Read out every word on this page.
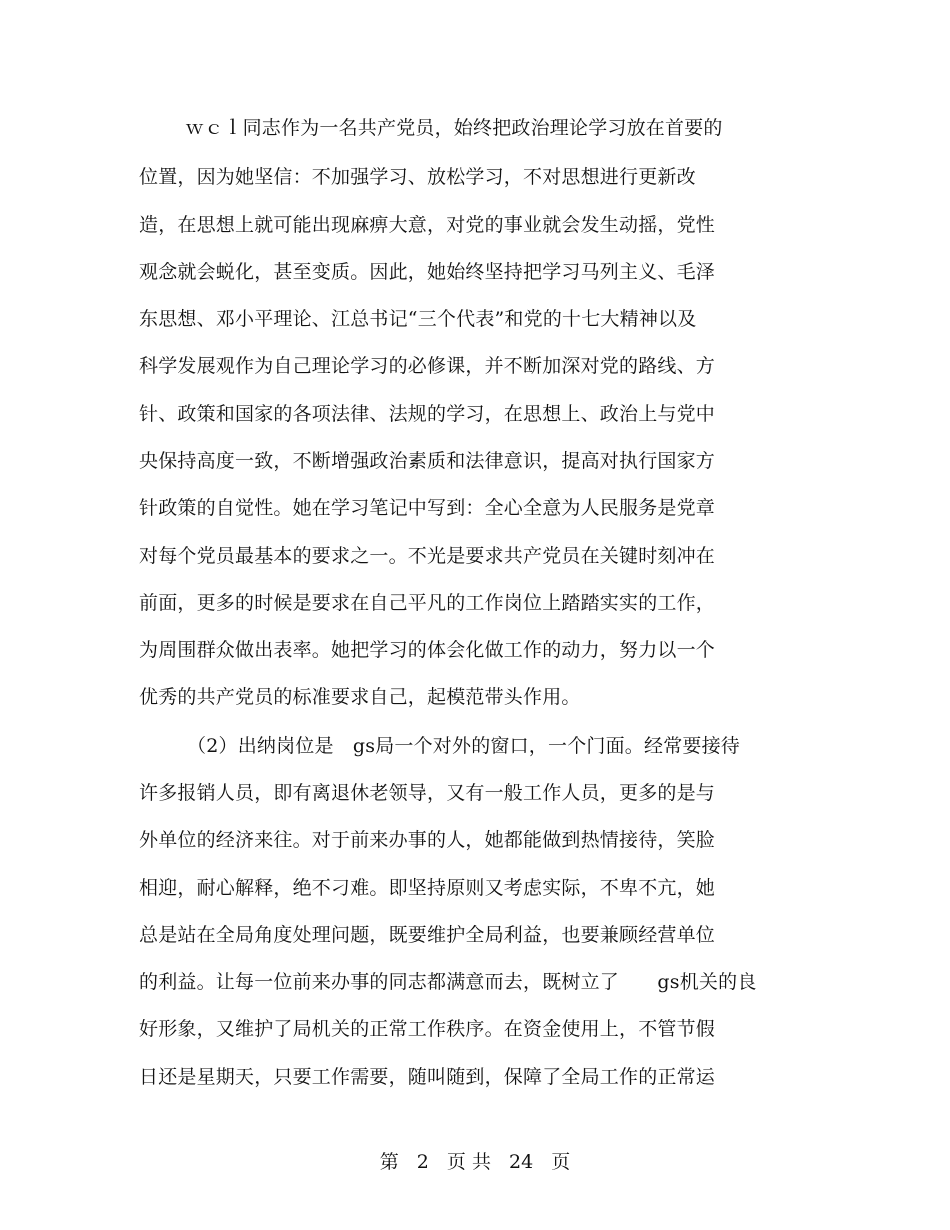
ｗｃｌ同志作为一名共产党员，始终把政治理论学习放在首要的
位置，因为她坚信：不加强学习、放松学习，不对思想进行更新改
造，在思想上就可能出现麻痹大意，对党的事业就会发生动摇，党性
观念就会蜕化，甚至变质。因此，她始终坚持把学习马列主义、毛泽
东思想、邓小平理论、江总书记“三个代表”和党的十七大精神以及
科学发展观作为自己理论学习的必修课，并不断加深对党的路线、方
针、政策和国家的各项法律、法规的学习，在思想上、政治上与党中
央保持高度一致，不断增强政治素质和法律意识，提高对执行国家方
针政策的自觉性。她在学习笔记中写到：全心全意为人民服务是党章
对每个党员最基本的要求之一。不光是要求共产党员在关键时刻冲在
前面，更多的时候是要求在自己平凡的工作岗位上踏踏实实的工作，
为周围群众做出表率。她把学习的体会化做工作的动力，努力以一个
优秀的共产党员的标准要求自己，起模范带头作用。
（2）出纳岗位是　gs局一个对外的窗口，一个门面。经常要接待
许多报销人员，即有离退休老领导，又有一般工作人员，更多的是与
外单位的经济来往。对于前来办事的人，她都能做到热情接待，笑脸
相迎，耐心解释，绝不刁难。即坚持原则又考虑实际，不卑不亢，她
总是站在全局角度处理问题，既要维护全局利益，也要兼顾经营单位
的利益。让每一位前来办事的同志都满意而去，既树立了　　gs机关的良
好形象，又维护了局机关的正常工作秩序。在资金使用上，不管节假
日还是星期天，只要工作需要，随叫随到，保障了全局工作的正常运
第 2 页 共 24 页
